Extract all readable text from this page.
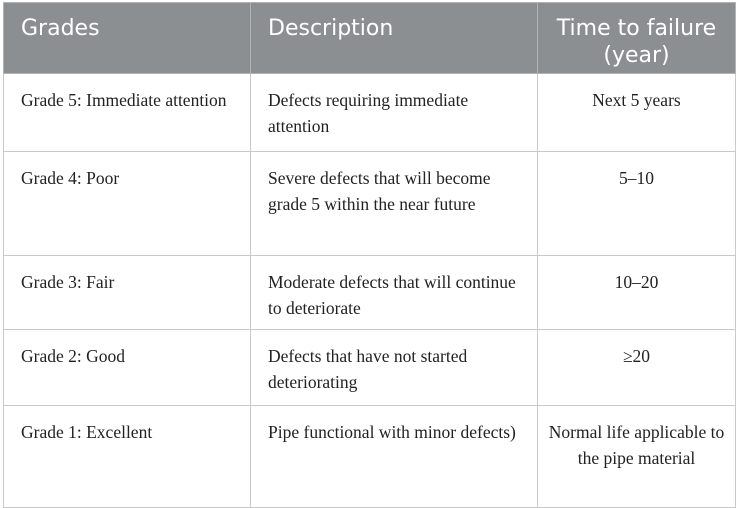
Grades	Description	Time to failure (year)
Grade 5: Immediate attention	Defects requiring immediate attention	Next 5 years
Grade 4: Poor	Severe defects that will become grade 5 within the near future	5–10
Grade 3: Fair	Moderate defects that will continue to deteriorate	10–20
Grade 2: Good	Defects that have not started deteriorating	≥20
Grade 1: Excellent	Pipe functional with minor defects)	Normal life applicable to the pipe material
